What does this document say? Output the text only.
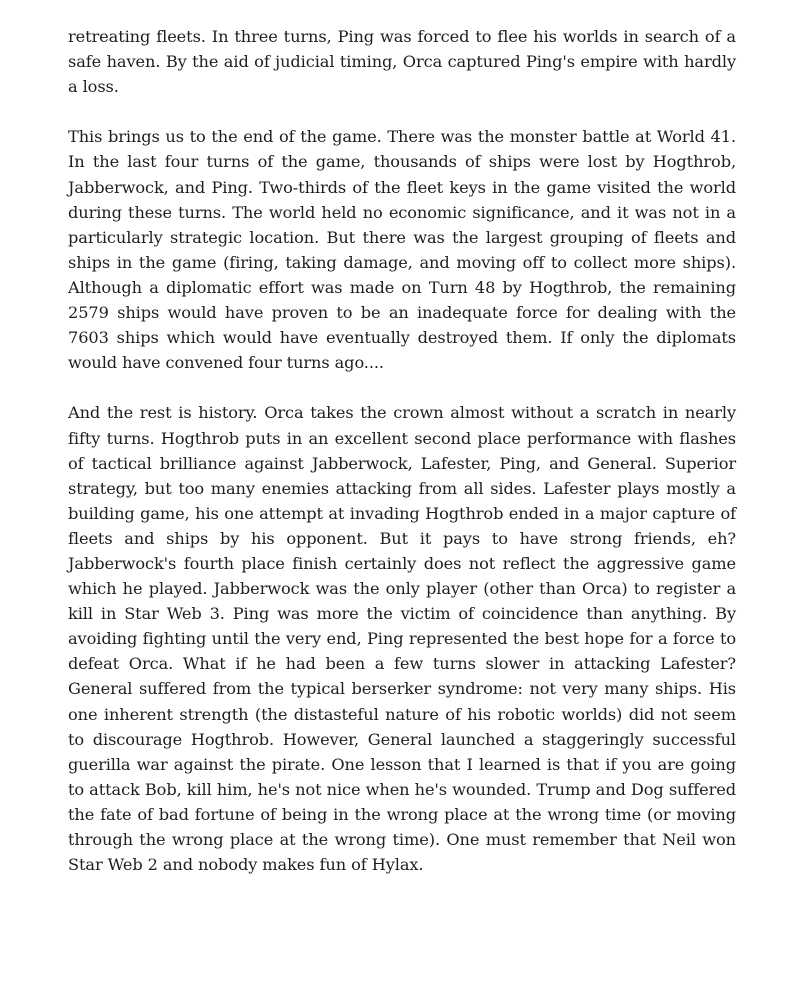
retreating fleets. In three turns, Ping was forced to flee his worlds in search of a safe haven. By the aid of judicial timing, Orca captured Ping's empire with hardly a loss.

This brings us to the end of the game. There was the monster battle at World 41. In the last four turns of the game, thousands of ships were lost by Hogthrob, Jabberwock, and Ping. Two-thirds of the fleet keys in the game visited the world during these turns. The world held no economic significance, and it was not in a particularly strategic location. But there was the largest grouping of fleets and ships in the game (firing, taking damage, and moving off to collect more ships). Although a diplomatic effort was made on Turn 48 by Hogthrob, the remaining 2579 ships would have proven to be an inadequate force for dealing with the 7603 ships which would have eventually destroyed them. If only the diplomats would have convened four turns ago....

And the rest is history. Orca takes the crown almost without a scratch in nearly fifty turns. Hogthrob puts in an excellent second place performance with flashes of tactical brilliance against Jabberwock, Lafester, Ping, and General. Superior strategy, but too many enemies attacking from all sides. Lafester plays mostly a building game, his one attempt at invading Hogthrob ended in a major capture of fleets and ships by his opponent. But it pays to have strong friends, eh? Jabberwock's fourth place finish certainly does not reflect the aggressive game which he played. Jabberwock was the only player (other than Orca) to register a kill in Star Web 3. Ping was more the victim of coincidence than anything. By avoiding fighting until the very end, Ping represented the best hope for a force to defeat Orca. What if he had been a few turns slower in attacking Lafester? General suffered from the typical berserker syndrome: not very many ships. His one inherent strength (the distasteful nature of his robotic worlds) did not seem to discourage Hogthrob. However, General launched a staggeringly successful guerilla war against the pirate. One lesson that I learned is that if you are going to attack Bob, kill him, he's not nice when he's wounded. Trump and Dog suffered the fate of bad fortune of being in the wrong place at the wrong time (or moving through the wrong place at the wrong time). One must remember that Neil won Star Web 2 and nobody makes fun of Hylax.
